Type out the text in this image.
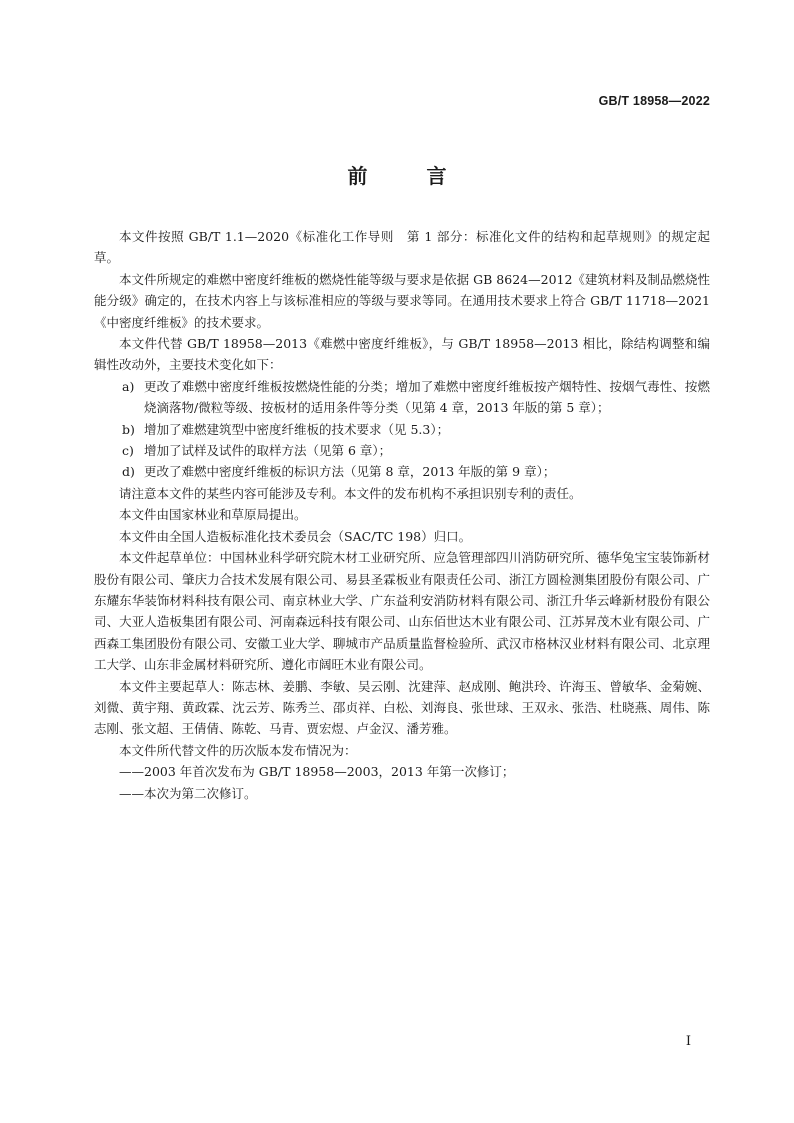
GB/T 18958—2022
前 言

本文件按照 GB/T 1.1—2020《标准化工作导则　第 1 部分：标准化文件的结构和起草规则》的规定起草。

本文件所规定的难燃中密度纤维板的燃烧性能等级与要求是依据 GB 8624—2012《建筑材料及制品燃烧性能分级》确定的，在技术内容上与该标准相应的等级与要求等同。在通用技术要求上符合 GB/T 11718—2021《中密度纤维板》的技术要求。

本文件代替 GB/T 18958—2013《难燃中密度纤维板》，与 GB/T 18958—2013 相比，除结构调整和编辑性改动外，主要技术变化如下：

a) 更改了难燃中密度纤维板按燃烧性能的分类；增加了难燃中密度纤维板按产烟特性、按烟气毒性、按燃烧滴落物/微粒等级、按板材的适用条件等分类（见第 4 章，2013 年版的第 5 章）；

b) 增加了难燃建筑型中密度纤维板的技术要求（见 5.3）；

c) 增加了试样及试件的取样方法（见第 6 章）；

d) 更改了难燃中密度纤维板的标识方法（见第 8 章，2013 年版的第 9 章）；

请注意本文件的某些内容可能涉及专利。本文件的发布机构不承担识别专利的责任。

本文件由国家林业和草原局提出。

本文件由全国人造板标准化技术委员会（SAC/TC 198）归口。

本文件起草单位：中国林业科学研究院木材工业研究所、应急管理部四川消防研究所、德华兔宝宝装饰新材股份有限公司、肇庆力合技术发展有限公司、易县圣霖板业有限责任公司、浙江方圆检测集团股份有限公司、广东耀东华装饰材料科技有限公司、南京林业大学、广东益利安消防材料有限公司、浙江升华云峰新材股份有限公司、大亚人造板集团有限公司、河南森远科技有限公司、山东佰世达木业有限公司、江苏昇茂木业有限公司、广西森工集团股份有限公司、安徽工业大学、聊城市产品质量监督检验所、武汉市格林汉业材料有限公司、北京理工大学、山东非金属材料研究所、遵化市阔旺木业有限公司。

本文件主要起草人：陈志林、姜鹏、李敏、吴云刚、沈建萍、赵成刚、鲍洪玲、许海玉、曾敏华、金菊婉、刘微、黄宇翔、黄政霖、沈云芳、陈秀兰、邵贞祥、白松、刘海良、张世球、王双永、张浩、杜晓燕、周伟、陈志刚、张文超、王倩倩、陈乾、马青、贾宏煜、卢金汉、潘芳雅。

本文件所代替文件的历次版本发布情况为：

——2003 年首次发布为 GB/T 18958—2003，2013 年第一次修订；

——本次为第二次修订。

I
